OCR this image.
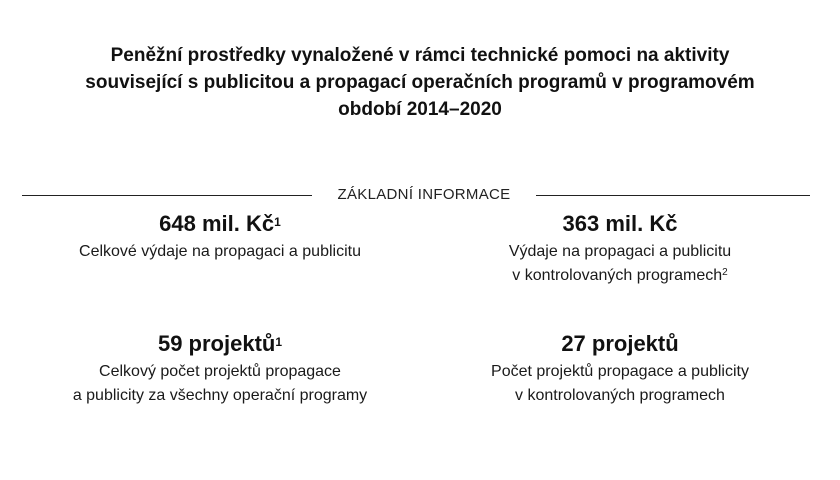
Peněžní prostředky vynaložené v rámci technické pomoci na aktivity
související s publicitou a propagací operačních programů v programovém
období 2014–2020
ZÁKLADNÍ INFORMACE
648 mil. $Kč^1$
Celkové výdaje na propagaci a publicitu
363 mil. Kč
Výdaje na propagaci a publicitu
v kontrolovaných programech$^2$
59 projektů$^1$
Celkový počet projektů propagace
a publicity za všechny operační programy
27 projektů
Počet projektů propagace a publicity
v kontrolovaných programech
